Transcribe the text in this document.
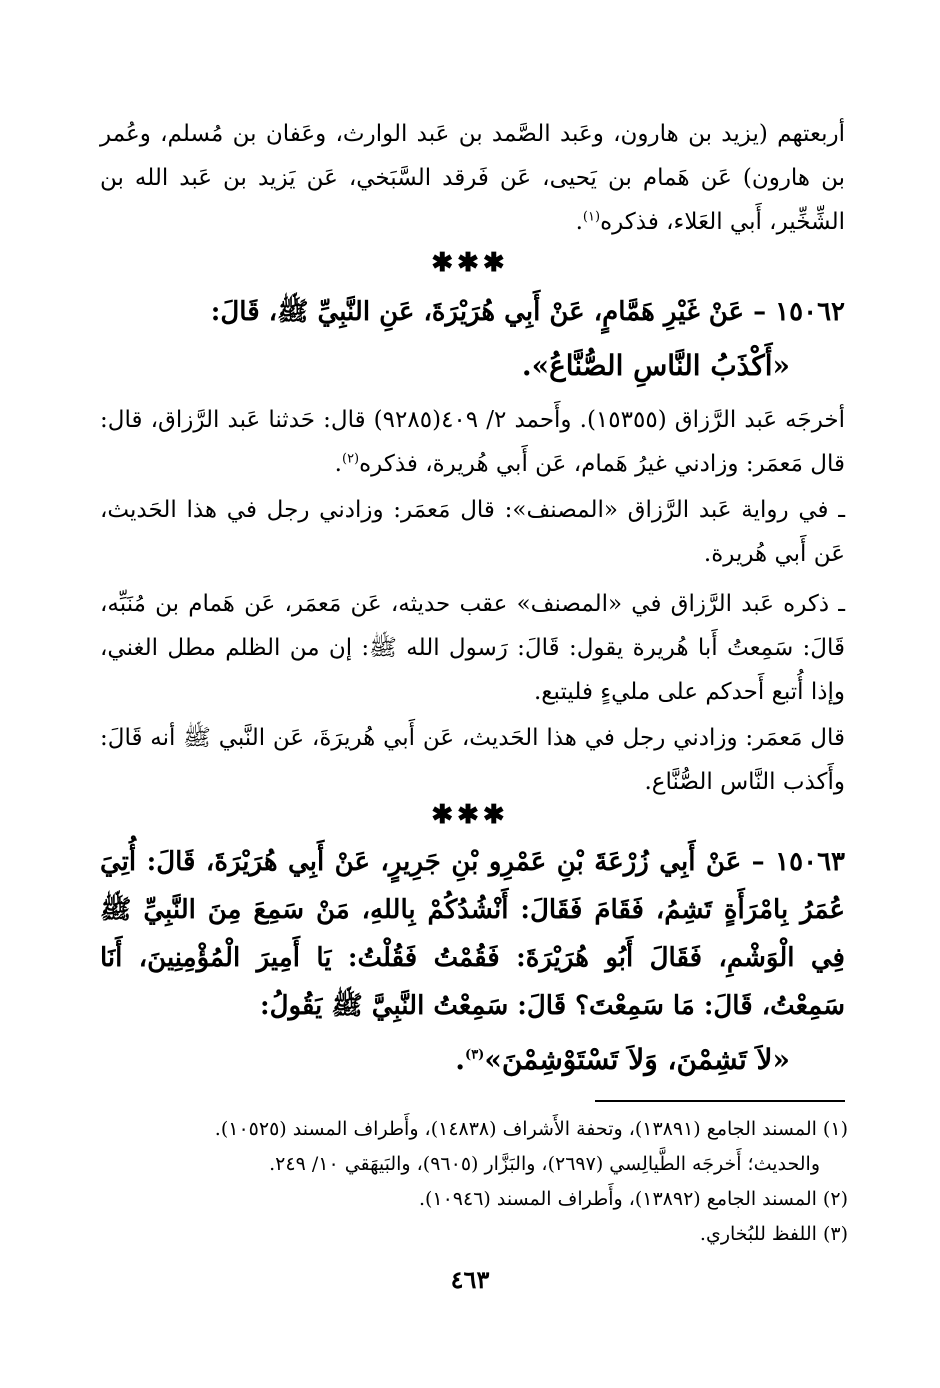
أربعتهم (يزيد بن هارون، وعَبد الصَّمد بن عَبد الوارث، وعَفان بن مُسلم، وعُمر بن هارون) عَن هَمام بن يَحيى، عَن فَرقد السَّبَخي، عَن يَزيد بن عَبد الله بن الشِّخِّير، أَبي العَلاء، فذكره$^{(١)}$.

✱✱✱

١٥٠٦٢ – عَنْ غَيْرِ هَمَّامٍ، عَنْ أَبِي هُرَيْرَةَ، عَنِ النَّبِيِّ ﷺ، قَالَ:

«أَكْذَبُ النَّاسِ الصُّنَّاعُ».

أخرجَه عَبد الرَّزاق (١٥٣٥٥). وأَحمد ٢/ ٤٠٩(٩٢٨٥) قال: حَدثنا عَبد الرَّزاق، قال: قال مَعمَر: وزادني غيرُ هَمام، عَن أَبي هُريرة، فذكره$^{(٢)}$.

ـ في رواية عَبد الرَّزاق «المصنف»: قال مَعمَر: وزادني رجل في هذا الحَديث، عَن أَبي هُريرة.

ـ ذكره عَبد الرَّزاق في «المصنف» عقب حديثه، عَن مَعمَر، عَن هَمام بن مُنَبِّه، قَالَ: سَمِعتُ أَبا هُريرة يقول: قَالَ: رَسول الله ﷺ: إن من الظلم مطل الغني، وإذا أُتبع أَحدكم على مليءٍ فليتبع.

قال مَعمَر: وزادني رجل في هذا الحَديث، عَن أَبي هُريرَةَ، عَن النَّبي ﷺ أنه قَالَ: وأَكذب النَّاس الصُّنَّاع.

✱✱✱

١٥٠٦٣ – عَنْ أَبِي زُرْعَةَ بْنِ عَمْرِو بْنِ جَرِيرٍ، عَنْ أَبِي هُرَيْرَةَ، قَالَ: أُتِيَ عُمَرُ بِامْرَأَةٍ تَشِمُ، فَقَامَ فَقَالَ: أَنْشُدُكُمْ بِاللهِ، مَنْ سَمِعَ مِنَ النَّبِيِّ ﷺ فِي الْوَشْمِ، فَقَالَ أَبُو هُرَيْرَةَ: فَقُمْتُ فَقُلْتُ: يَا أَمِيرَ الْمُؤْمِنِينَ، أَنَا سَمِعْتُ، قَالَ: مَا سَمِعْتَ؟ قَالَ: سَمِعْتُ النَّبِيَّ ﷺ يَقُولُ:

«لاَ تَشِمْنَ، وَلاَ تَسْتَوْشِمْنَ»$^{(٣)}$.

(١) المسند الجامع (١٣٨٩١)، وتحفة الأَشراف (١٤٨٣٨)، وأَطراف المسند (١٠٥٢٥).

والحديث؛ أَخرجَه الطَّيالِسي (٢٦٩٧)، والبَزَّار (٩٦٠٥)، والبَيهَقي ١٠/ ٢٤٩.

(٢) المسند الجامع (١٣٨٩٢)، وأَطراف المسند (١٠٩٤٦).

(٣) اللفظ للبُخاري.

٤٦٣
